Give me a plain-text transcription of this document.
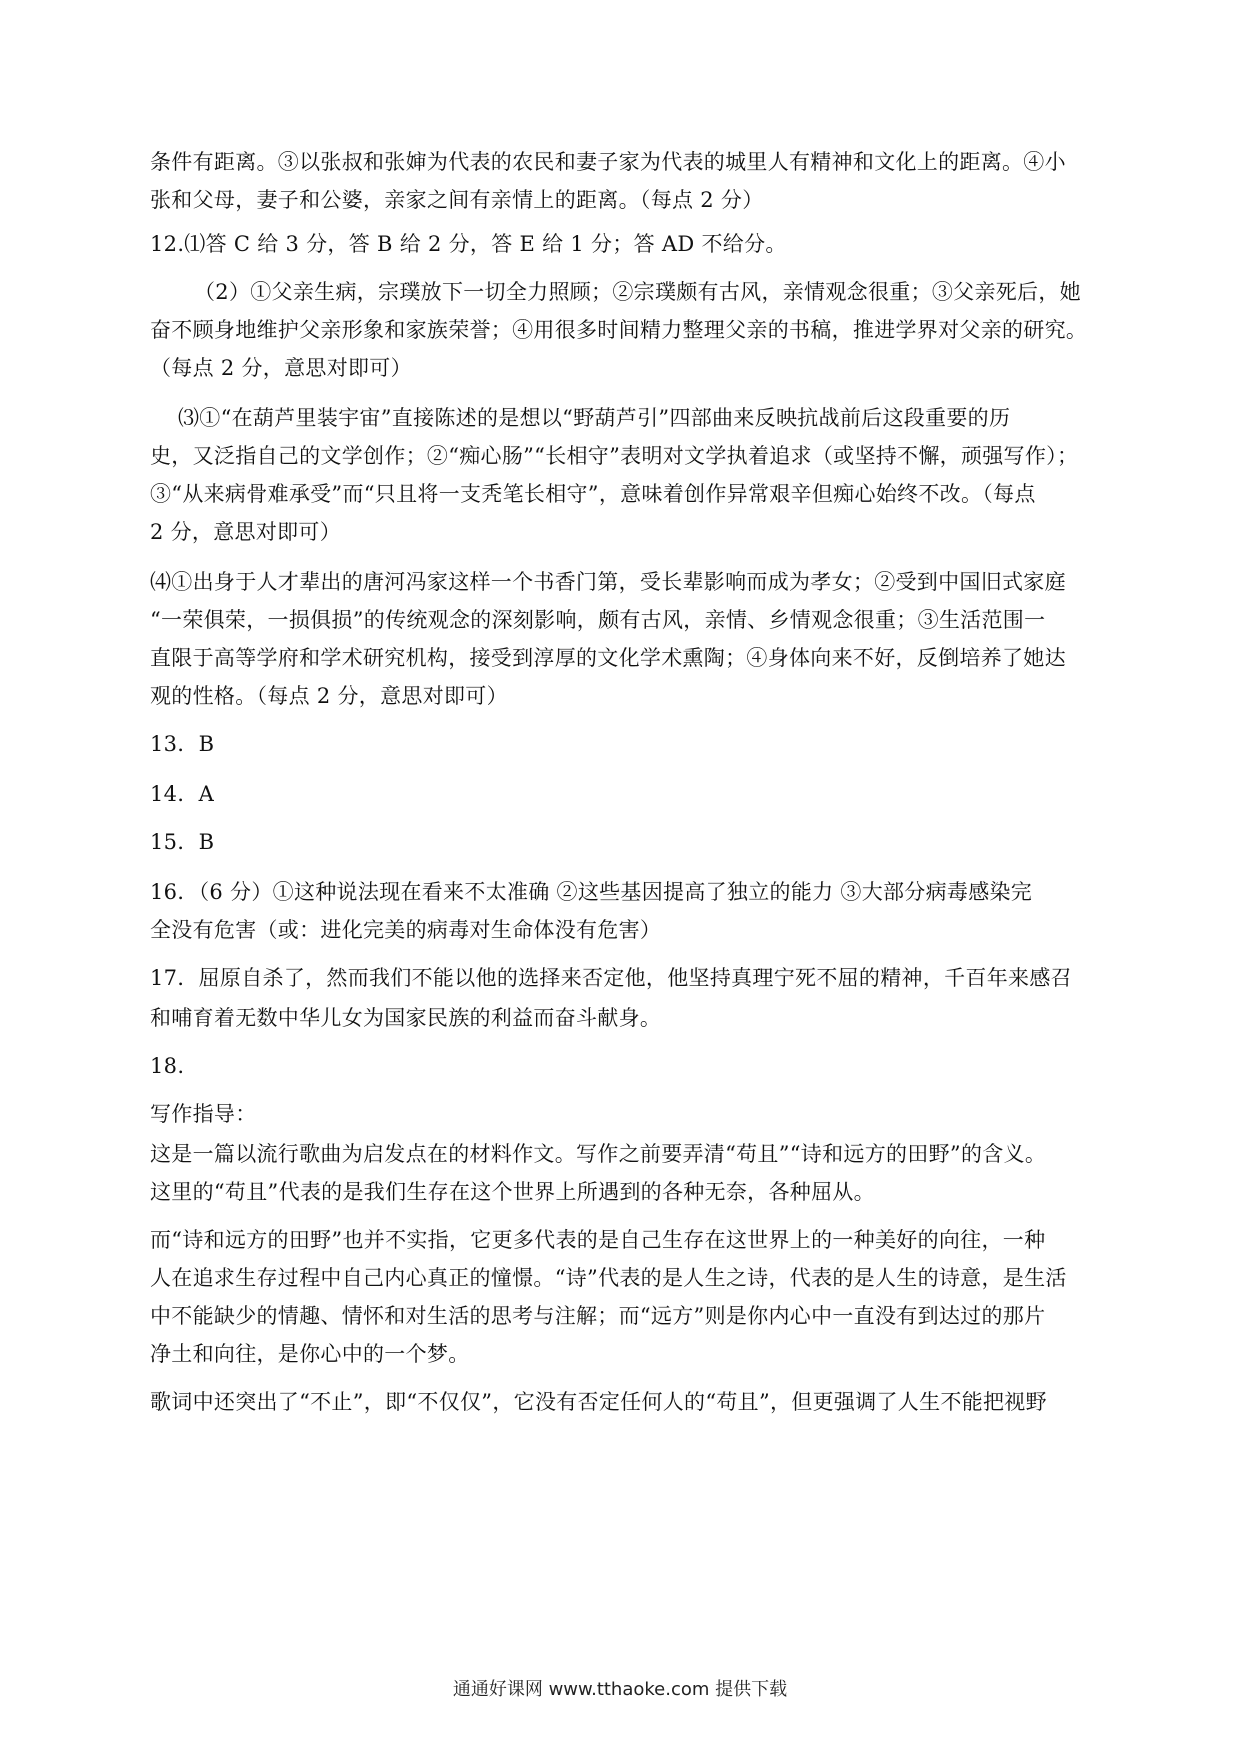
条件有距离。③以张叔和张婶为代表的农民和妻子家为代表的城里人有精神和文化上的距离。④小

张和父母，妻子和公婆，亲家之间有亲情上的距离。（每点 2 分）

12.⑴答 C 给 3 分，答 B 给 2 分，答 E 给 1 分；答 AD 不给分。

（2）①父亲生病，宗璞放下一切全力照顾；②宗璞颇有古风，亲情观念很重；③父亲死后，她

奋不顾身地维护父亲形象和家族荣誉；④用很多时间精力整理父亲的书稿，推进学界对父亲的研究。

（每点 2 分，意思对即可）

⑶①“在葫芦里装宇宙”直接陈述的是想以“野葫芦引”四部曲来反映抗战前后这段重要的历

史，又泛指自己的文学创作；②“痴心肠”“长相守”表明对文学执着追求（或坚持不懈，顽强写作）；

③“从来病骨难承受”而“只且将一支秃笔长相守”，意味着创作异常艰辛但痴心始终不改。（每点

2 分，意思对即可）

⑷①出身于人才辈出的唐河冯家这样一个书香门第，受长辈影响而成为孝女；②受到中国旧式家庭

“一荣俱荣，一损俱损”的传统观念的深刻影响，颇有古风，亲情、乡情观念很重；③生活范围一

直限于高等学府和学术研究机构，接受到淳厚的文化学术熏陶；④身体向来不好，反倒培养了她达

观的性格。（每点 2 分，意思对即可）

13．B

14．A

15．B

16．（6 分）①这种说法现在看来不太准确 ②这些基因提高了独立的能力 ③大部分病毒感染完

全没有危害（或：进化完美的病毒对生命体没有危害）

17．屈原自杀了，然而我们不能以他的选择来否定他，他坚持真理宁死不屈的精神，千百年来感召

和哺育着无数中华儿女为国家民族的利益而奋斗献身。

18.

写作指导：

这是一篇以流行歌曲为启发点在的材料作文。写作之前要弄清“苟且”“诗和远方的田野”的含义。

这里的“苟且”代表的是我们生存在这个世界上所遇到的各种无奈，各种屈从。

而“诗和远方的田野”也并不实指，它更多代表的是自己生存在这世界上的一种美好的向往，一种

人在追求生存过程中自己内心真正的憧憬。“诗”代表的是人生之诗，代表的是人生的诗意，是生活

中不能缺少的情趣、情怀和对生活的思考与注解；而“远方”则是你内心中一直没有到达过的那片

净土和向往，是你心中的一个梦。

歌词中还突出了“不止”，即“不仅仅”，它没有否定任何人的“苟且”，但更强调了人生不能把视野

通通好课网 www.tthaoke.com 提供下载
